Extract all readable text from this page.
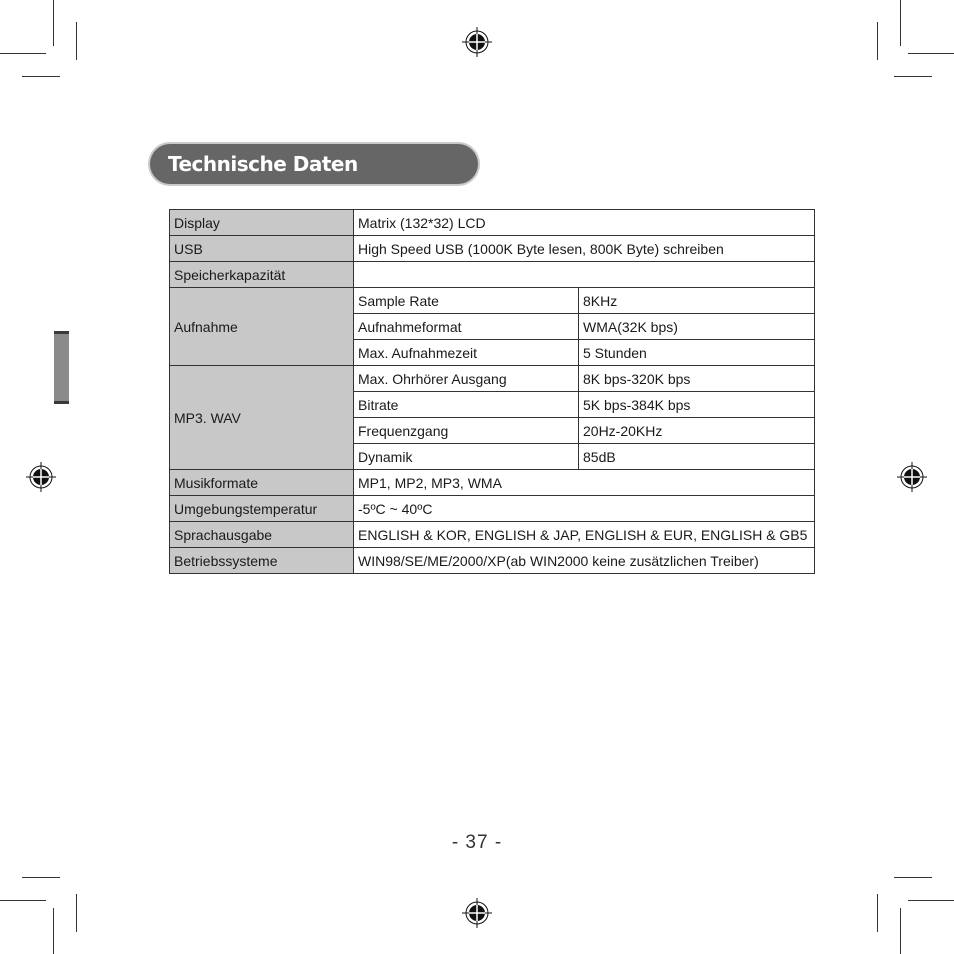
Technische Daten
Display	Matrix (132*32) LCD	
USB	High Speed USB (1000K Byte lesen, 800K Byte) schreiben	
Speicherkapazität		
Aufnahme	Sample Rate	8KHz
	Aufnahmeformat	WMA(32K bps)
	Max. Aufnahmezeit	5 Stunden
MP3. WAV	Max. Ohrhörer Ausgang	8K bps-320K bps
	Bitrate	5K bps-384K bps
	Frequenzgang	20Hz-20KHz
	Dynamik	85dB
Musikformate	MP1, MP2, MP3, WMA	
Umgebungstemperatur	-5ºC ~ 40ºC	
Sprachausgabe	ENGLISH & KOR, ENGLISH & JAP, ENGLISH & EUR, ENGLISH & GB5	
Betriebssysteme	WIN98/SE/ME/2000/XP(ab WIN2000 keine zusätzlichen Treiber)	
- 37 -
